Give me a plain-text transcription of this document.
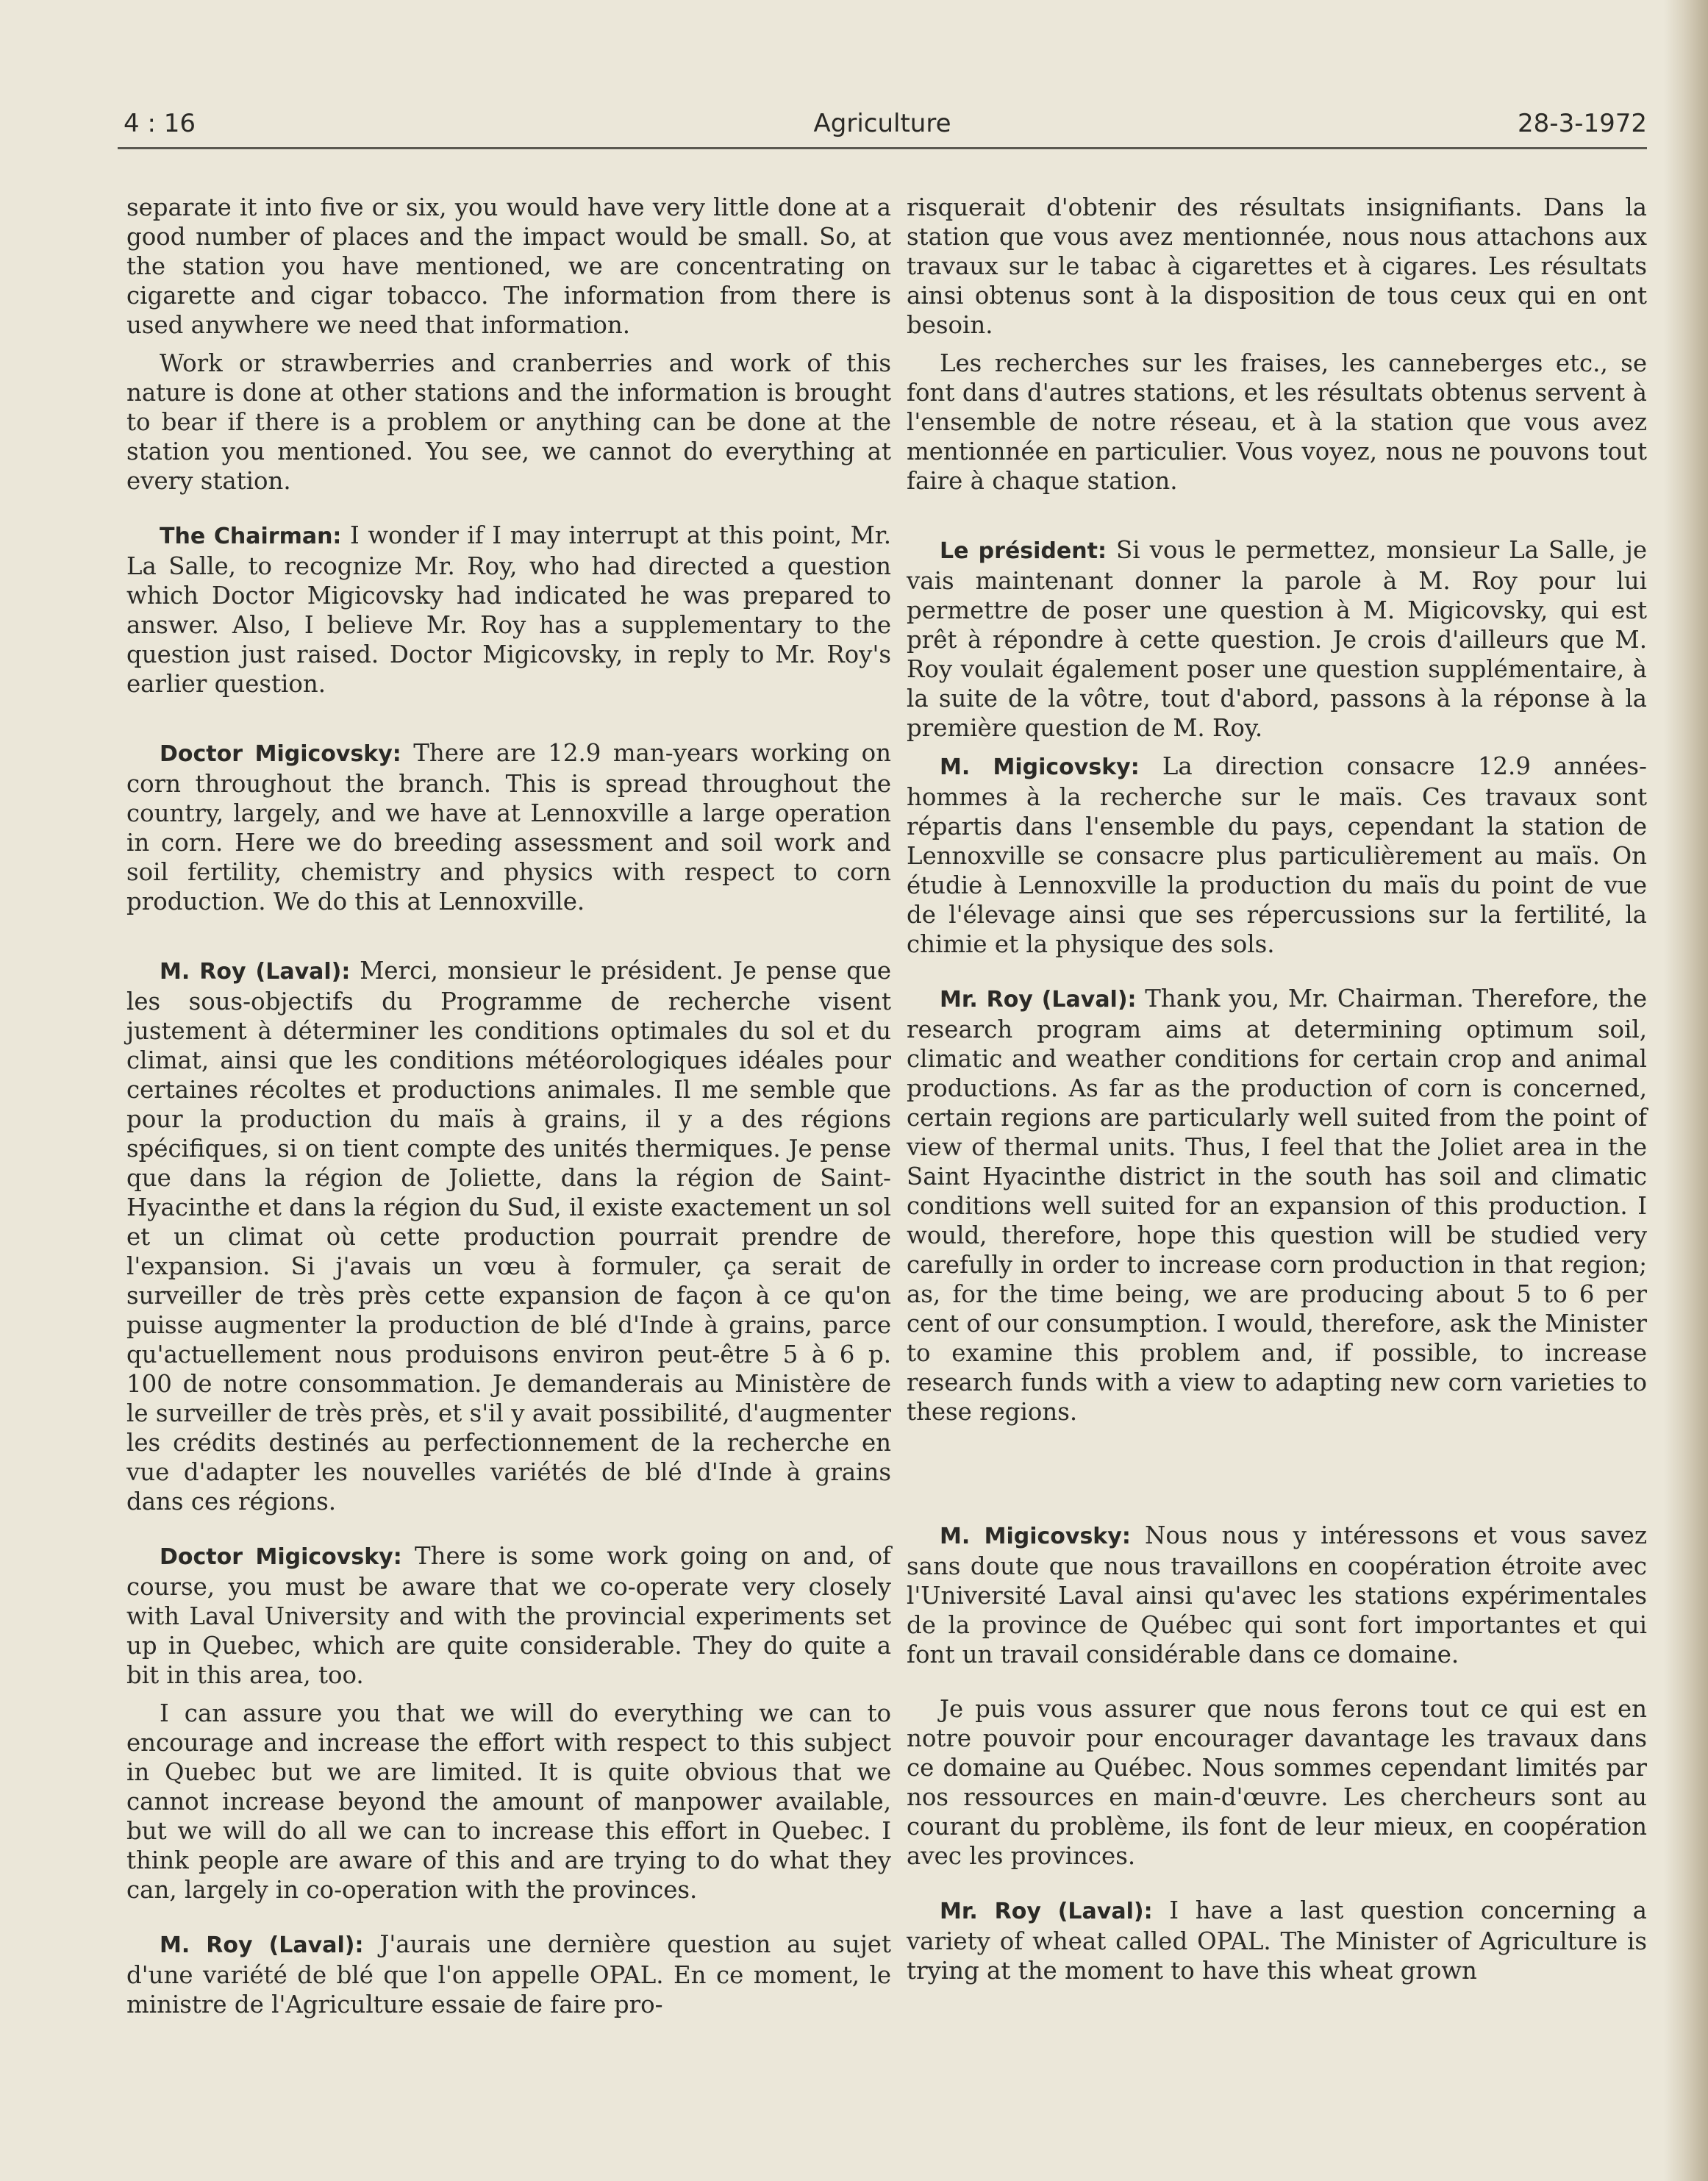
4 : 16	Agriculture	28-3-1972

separate it into five or six, you would have very little done at a good number of places and the impact would be small. So, at the station you have mentioned, we are concentrating on cigarette and cigar tobacco. The information from there is used anywhere we need that information.

Work or strawberries and cranberries and work of this nature is done at other stations and the information is brought to bear if there is a problem or anything can be done at the station you mentioned. You see, we cannot do everything at every station.

The Chairman: I wonder if I may interrupt at this point, Mr. La Salle, to recognize Mr. Roy, who had directed a question which Doctor Migicovsky had indicated he was prepared to answer. Also, I believe Mr. Roy has a supplementary to the question just raised. Doctor Migicovsky, in reply to Mr. Roy's earlier question.

Doctor Migicovsky: There are 12.9 man-years working on corn throughout the branch. This is spread throughout the country, largely, and we have at Lennoxville a large operation in corn. Here we do breeding assessment and soil work and soil fertility, chemistry and physics with respect to corn production. We do this at Lennoxville.

M. Roy (Laval): Merci, monsieur le président. Je pense que les sous-objectifs du Programme de recherche visent justement à déterminer les conditions optimales du sol et du climat, ainsi que les conditions météorologiques idéales pour certaines récoltes et productions animales. Il me semble que pour la production du maïs à grains, il y a des régions spécifiques, si on tient compte des unités thermiques. Je pense que dans la région de Joliette, dans la région de Saint-Hyacinthe et dans la région du Sud, il existe exactement un sol et un climat où cette production pourrait prendre de l'expansion. Si j'avais un vœu à formuler, ça serait de surveiller de très près cette expansion de façon à ce qu'on puisse augmenter la production de blé d'Inde à grains, parce qu'actuellement nous produisons environ peut-être 5 à 6 p. 100 de notre consommation. Je demanderais au Ministère de le surveiller de très près, et s'il y avait possibilité, d'augmenter les crédits destinés au perfectionnement de la recherche en vue d'adapter les nouvelles variétés de blé d'Inde à grains dans ces régions.

Doctor Migicovsky: There is some work going on and, of course, you must be aware that we co-operate very closely with Laval University and with the provincial experiments set up in Quebec, which are quite considerable. They do quite a bit in this area, too.

I can assure you that we will do everything we can to encourage and increase the effort with respect to this subject in Quebec but we are limited. It is quite obvious that we cannot increase beyond the amount of manpower available, but we will do all we can to increase this effort in Quebec. I think people are aware of this and are trying to do what they can, largely in co-operation with the provinces.

M. Roy (Laval): J'aurais une dernière question au sujet d'une variété de blé que l'on appelle OPAL. En ce moment, le ministre de l'Agriculture essaie de faire pro-

risquerait d'obtenir des résultats insignifiants. Dans la station que vous avez mentionnée, nous nous attachons aux travaux sur le tabac à cigarettes et à cigares. Les résultats ainsi obtenus sont à la disposition de tous ceux qui en ont besoin.

Les recherches sur les fraises, les canneberges etc., se font dans d'autres stations, et les résultats obtenus servent à l'ensemble de notre réseau, et à la station que vous avez mentionnée en particulier. Vous voyez, nous ne pouvons tout faire à chaque station.

Le président: Si vous le permettez, monsieur La Salle, je vais maintenant donner la parole à M. Roy pour lui permettre de poser une question à M. Migicovsky, qui est prêt à répondre à cette question. Je crois d'ailleurs que M. Roy voulait également poser une question supplémentaire, à la suite de la vôtre, tout d'abord, passons à la réponse à la première question de M. Roy.

M. Migicovsky: La direction consacre 12.9 années-hommes à la recherche sur le maïs. Ces travaux sont répartis dans l'ensemble du pays, cependant la station de Lennoxville se consacre plus particulièrement au maïs. On étudie à Lennoxville la production du maïs du point de vue de l'élevage ainsi que ses répercussions sur la fertilité, la chimie et la physique des sols.

Mr. Roy (Laval): Thank you, Mr. Chairman. Therefore, the research program aims at determining optimum soil, climatic and weather conditions for certain crop and animal productions. As far as the production of corn is concerned, certain regions are particularly well suited from the point of view of thermal units. Thus, I feel that the Joliet area in the Saint Hyacinthe district in the south has soil and climatic conditions well suited for an expansion of this production. I would, therefore, hope this question will be studied very carefully in order to increase corn production in that region; as, for the time being, we are producing about 5 to 6 per cent of our consumption. I would, therefore, ask the Minister to examine this problem and, if possible, to increase research funds with a view to adapting new corn varieties to these regions.

M. Migicovsky: Nous nous y intéressons et vous savez sans doute que nous travaillons en coopération étroite avec l'Université Laval ainsi qu'avec les stations expérimentales de la province de Québec qui sont fort importantes et qui font un travail considérable dans ce domaine.

Je puis vous assurer que nous ferons tout ce qui est en notre pouvoir pour encourager davantage les travaux dans ce domaine au Québec. Nous sommes cependant limités par nos ressources en main-d'œuvre. Les chercheurs sont au courant du problème, ils font de leur mieux, en coopération avec les provinces.

Mr. Roy (Laval): I have a last question concerning a variety of wheat called OPAL. The Minister of Agriculture is trying at the moment to have this wheat grown
